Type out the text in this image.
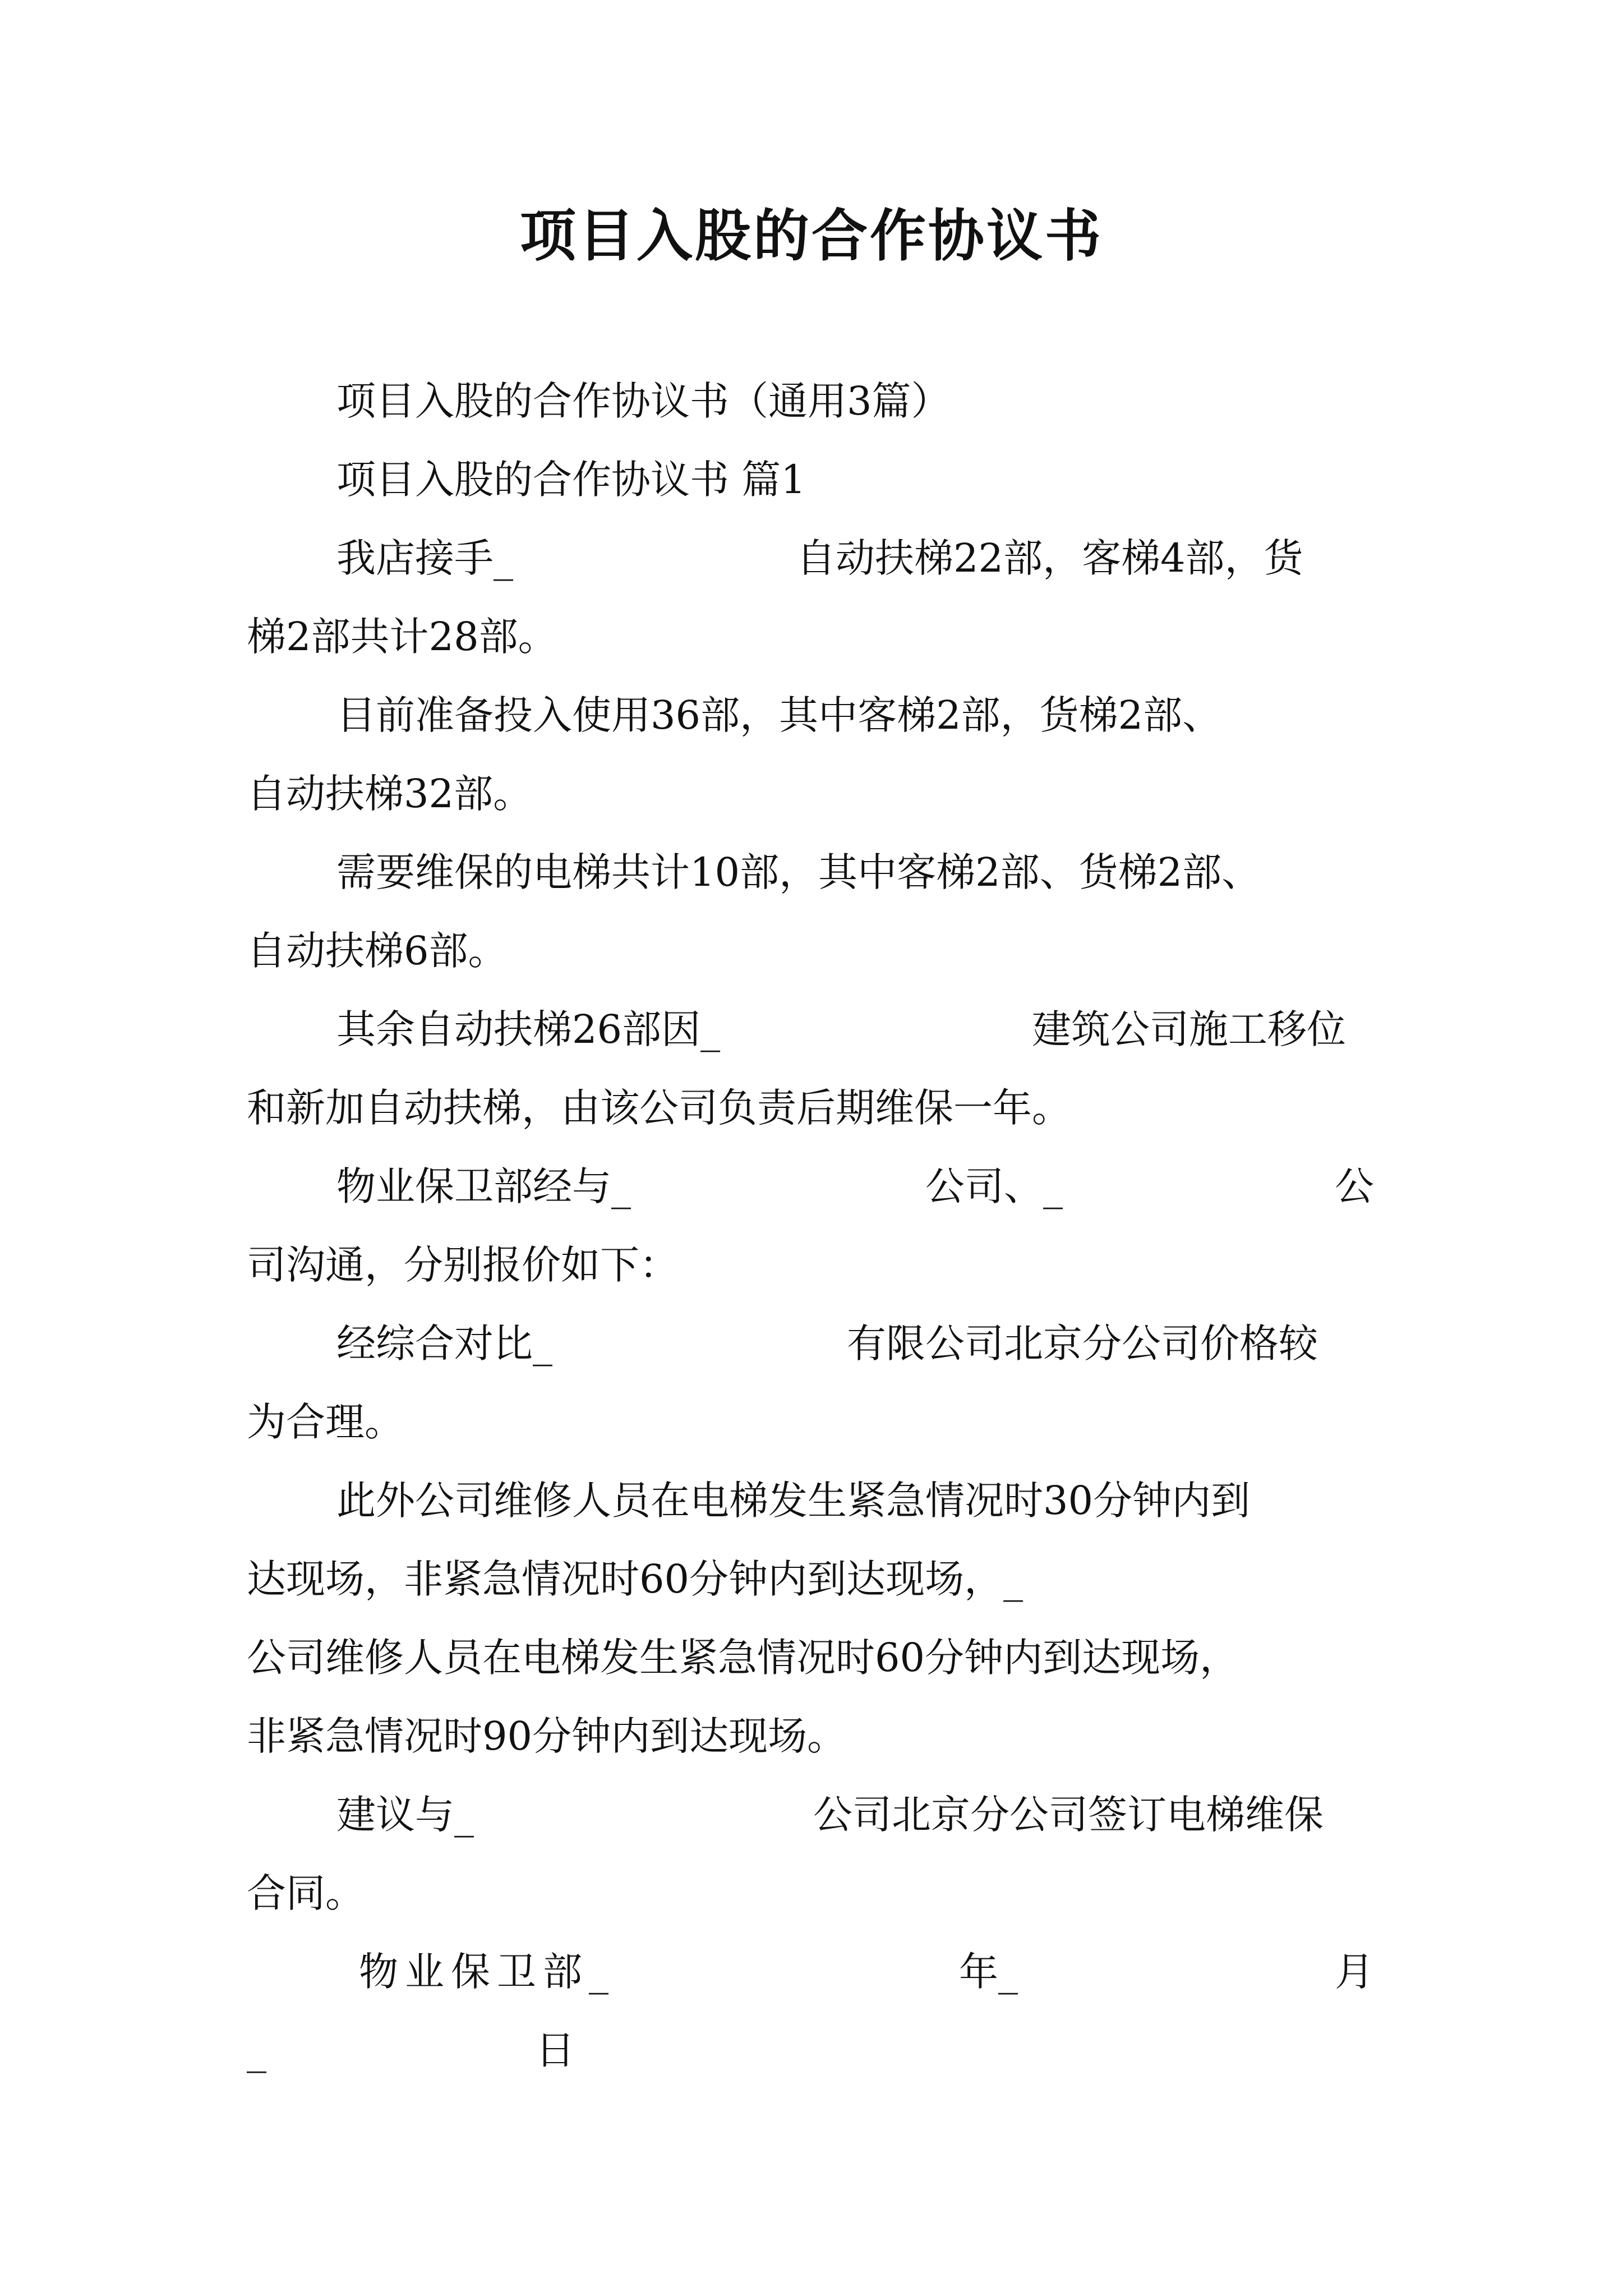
项目入股的合作协议书
项目入股的合作协议书（通用3篇）
项目入股的合作协议书 篇1
我店接手_	自动扶梯22部，客梯4部，货
梯2部共计28部。
目前准备投入使用36部，其中客梯2部，货梯2部、
自动扶梯32部。
需要维保的电梯共计10部，其中客梯2部、货梯2部、
自动扶梯6部。
其余自动扶梯26部因_	建筑公司施工移位
和新加自动扶梯，由该公司负责后期维保一年。
物业保卫部经与_	公司、_	公
司沟通，分别报价如下：
经综合对比_	有限公司北京分公司价格较
为合理。
此外公司维修人员在电梯发生紧急情况时30分钟内到
达现场，非紧急情况时60分钟内到达现场，_
公司维修人员在电梯发生紧急情况时60分钟内到达现场，
非紧急情况时90分钟内到达现场。
建议与_	公司北京分公司签订电梯维保
合同。
物业保卫部_	年_	月
_	日
